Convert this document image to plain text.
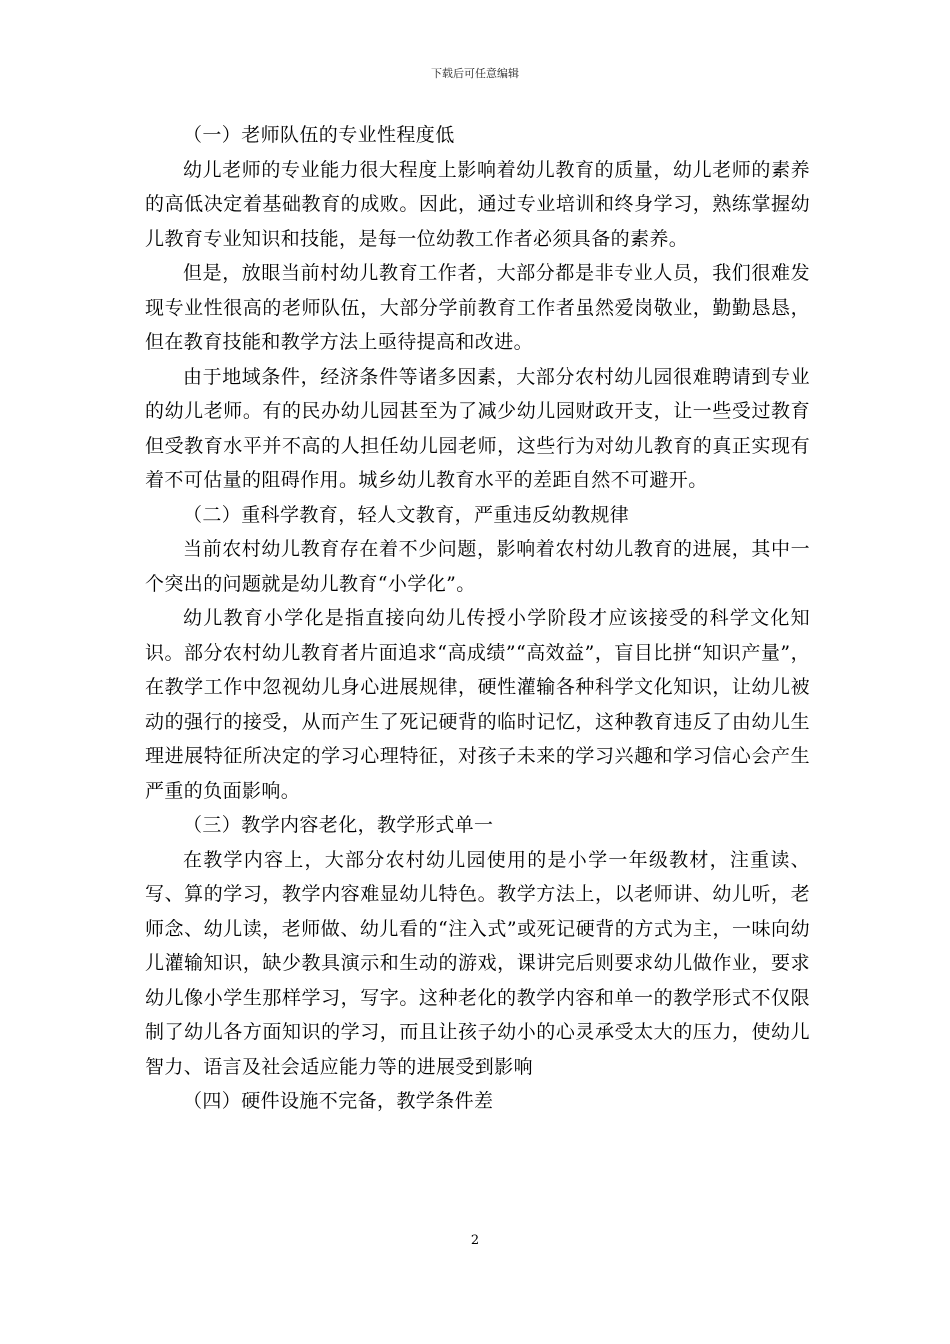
下载后可任意编辑

（一）老师队伍的专业性程度低

幼儿老师的专业能力很大程度上影响着幼儿教育的质量，幼儿老师的素养的高低决定着基础教育的成败。因此，通过专业培训和终身学习，熟练掌握幼儿教育专业知识和技能，是每一位幼教工作者必须具备的素养。

但是，放眼当前村幼儿教育工作者，大部分都是非专业人员，我们很难发现专业性很高的老师队伍，大部分学前教育工作者虽然爱岗敬业，勤勤恳恳，但在教育技能和教学方法上亟待提高和改进。

由于地域条件，经济条件等诸多因素，大部分农村幼儿园很难聘请到专业的幼儿老师。有的民办幼儿园甚至为了减少幼儿园财政开支，让一些受过教育但受教育水平并不高的人担任幼儿园老师，这些行为对幼儿教育的真正实现有着不可估量的阻碍作用。城乡幼儿教育水平的差距自然不可避开。

（二）重科学教育，轻人文教育，严重违反幼教规律

当前农村幼儿教育存在着不少问题，影响着农村幼儿教育的进展，其中一个突出的问题就是幼儿教育“小学化”。

幼儿教育小学化是指直接向幼儿传授小学阶段才应该接受的科学文化知识。部分农村幼儿教育者片面追求“高成绩”“高效益”，盲目比拼“知识产量”，在教学工作中忽视幼儿身心进展规律，硬性灌输各种科学文化知识，让幼儿被动的强行的接受，从而产生了死记硬背的临时记忆，这种教育违反了由幼儿生理进展特征所决定的学习心理特征，对孩子未来的学习兴趣和学习信心会产生严重的负面影响。

（三）教学内容老化，教学形式单一

在教学内容上，大部分农村幼儿园使用的是小学一年级教材，注重读、写、算的学习，教学内容难显幼儿特色。教学方法上，以老师讲、幼儿听，老师念、幼儿读，老师做、幼儿看的“注入式”或死记硬背的方式为主，一味向幼儿灌输知识，缺少教具演示和生动的游戏，课讲完后则要求幼儿做作业，要求幼儿像小学生那样学习，写字。这种老化的教学内容和单一的教学形式不仅限制了幼儿各方面知识的学习，而且让孩子幼小的心灵承受太大的压力，使幼儿智力、语言及社会适应能力等的进展受到影响

（四）硬件设施不完备，教学条件差

2
